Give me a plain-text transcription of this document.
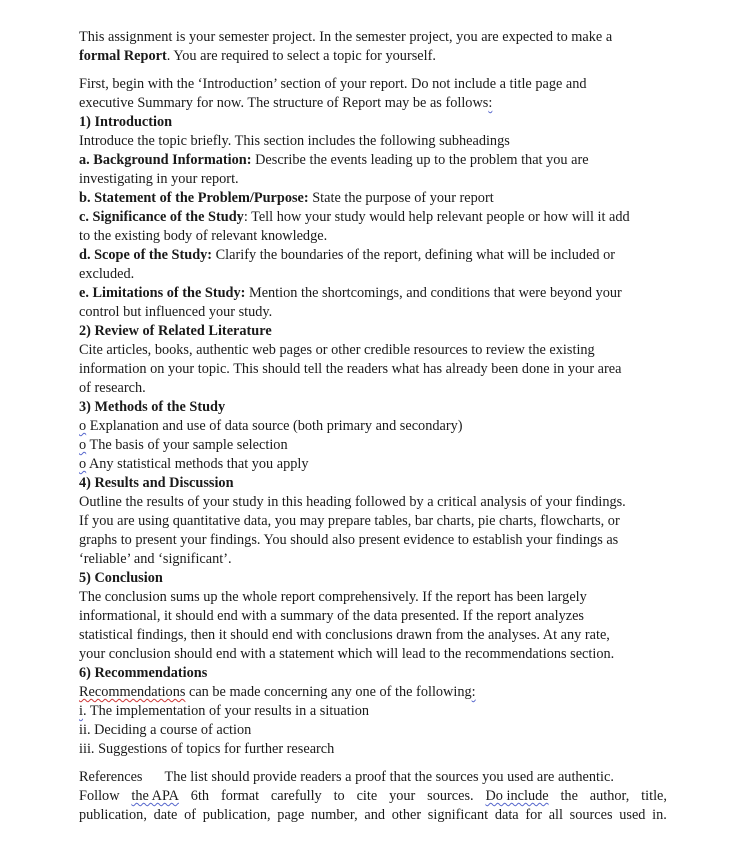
This assignment is your semester project. In the semester project, you are expected to make a
formal Report. You are required to select a topic for yourself.
First, begin with the ‘Introduction’ section of your report. Do not include a title page and
executive Summary for now. The structure of Report may be as follows:
1) Introduction
Introduce the topic briefly. This section includes the following subheadings
a. Background Information: Describe the events leading up to the problem that you are
investigating in your report.
b. Statement of the Problem/Purpose: State the purpose of your report
c. Significance of the Study: Tell how your study would help relevant people or how will it add
to the existing body of relevant knowledge.
d. Scope of the Study: Clarify the boundaries of the report, defining what will be included or
excluded.
e. Limitations of the Study: Mention the shortcomings, and conditions that were beyond your
control but influenced your study.
2) Review of Related Literature
Cite articles, books, authentic web pages or other credible resources to review the existing
information on your topic. This should tell the readers what has already been done in your area
of research.
3) Methods of the Study
o Explanation and use of data source (both primary and secondary)
o The basis of your sample selection
o Any statistical methods that you apply
4) Results and Discussion
Outline the results of your study in this heading followed by a critical analysis of your findings.
If you are using quantitative data, you may prepare tables, bar charts, pie charts, flowcharts, or
graphs to present your findings. You should also present evidence to establish your findings as
‘reliable’ and ‘significant’.
5) Conclusion
The conclusion sums up the whole report comprehensively. If the report has been largely
informational, it should end with a summary of the data presented. If the report analyzes
statistical findings, then it should end with conclusions drawn from the analyses. At any rate,
your conclusion should end with a statement which will lead to the recommendations section.
6) Recommendations
Recommendations can be made concerning any one of the following:
i. The implementation of your results in a situation
ii. Deciding a course of action
iii. Suggestions of topics for further research
References The list should provide readers a proof that the sources you used are authentic.
Follow the APA 6th format carefully to cite your sources. Do include the author, title,
publication, date of publication, page number, and other significant data for all sources used in.
